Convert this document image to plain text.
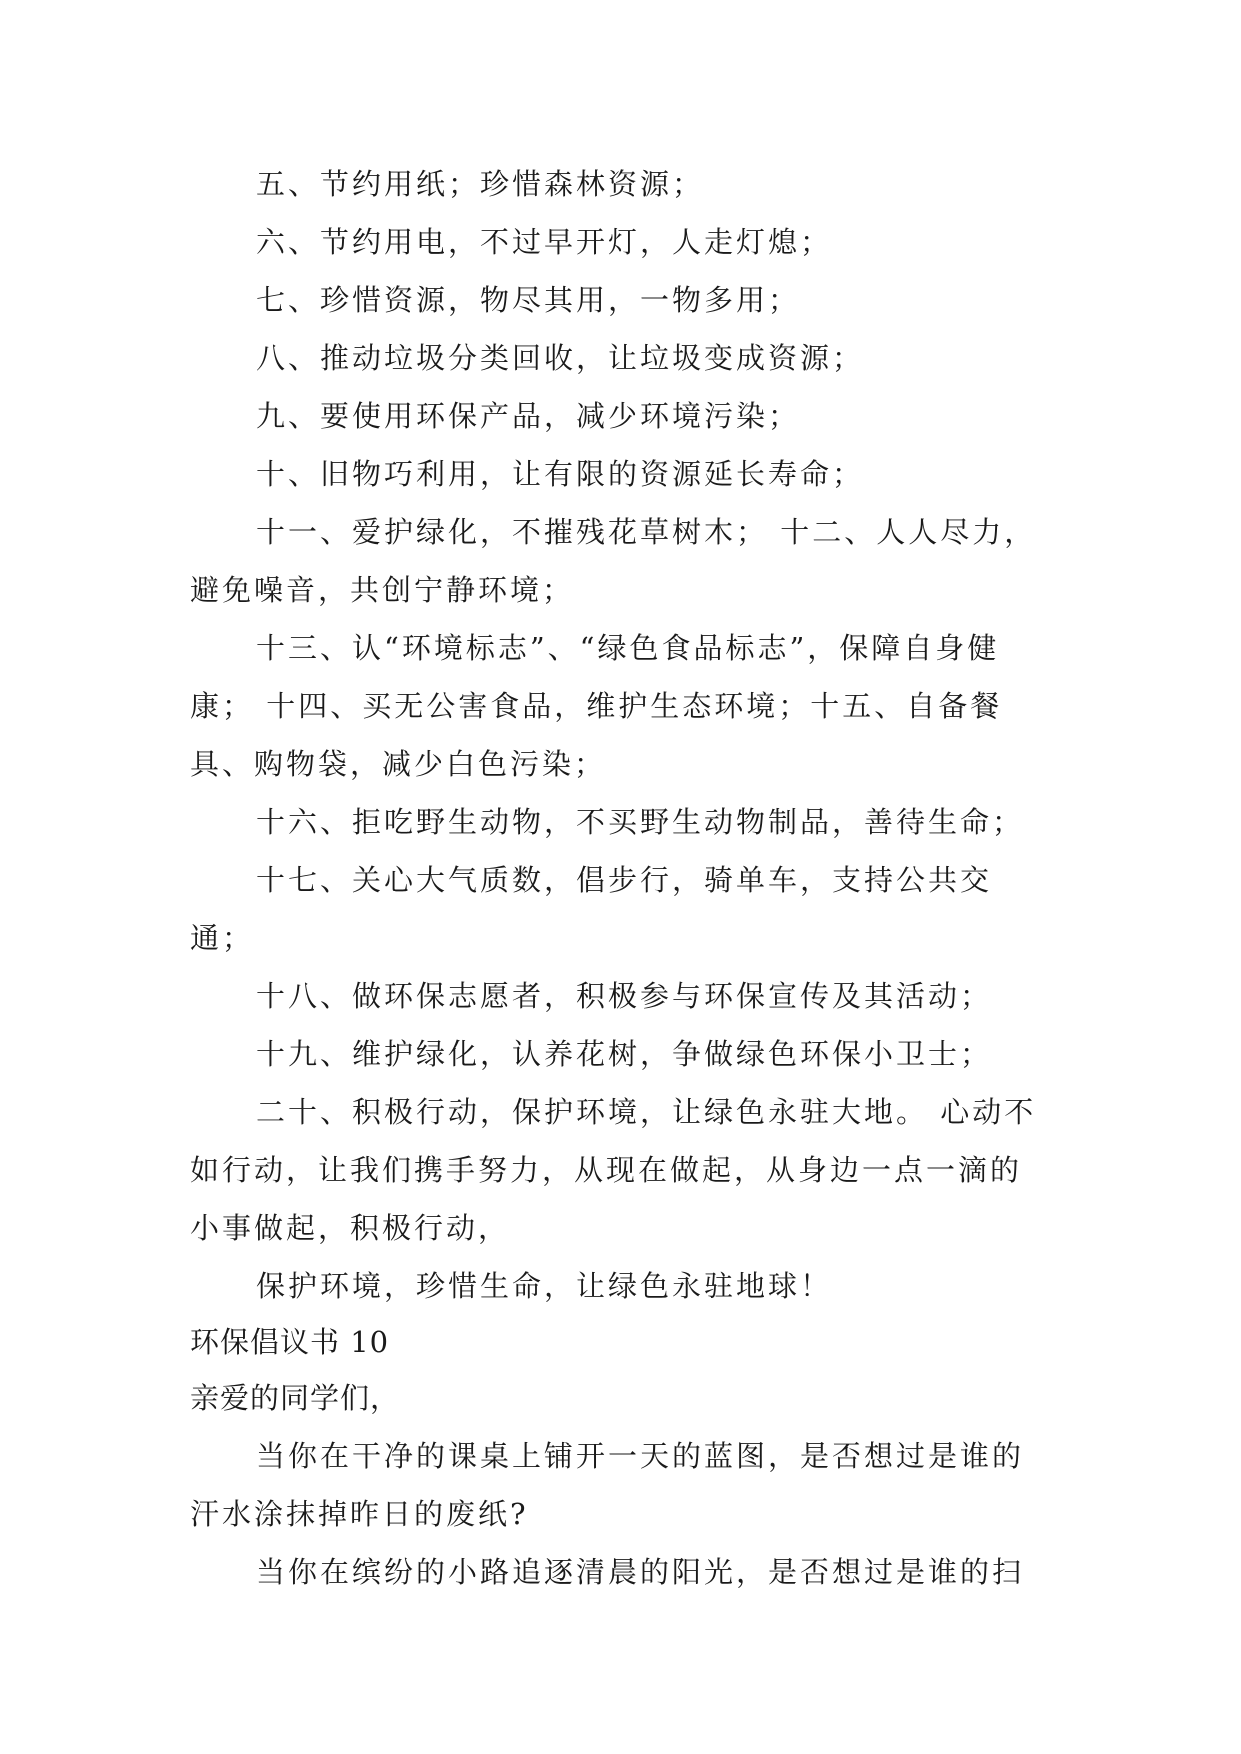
五、节约用纸；珍惜森林资源；

六、节约用电，不过早开灯，人走灯熄；

七、珍惜资源，物尽其用，一物多用；

八、推动垃圾分类回收，让垃圾变成资源；

九、要使用环保产品，减少环境污染；

十、旧物巧利用，让有限的资源延长寿命；

十一、爱护绿化，不摧残花草树木； 十二、人人尽力，避免噪音，共创宁静环境；

十三、认“环境标志”、“绿色食品标志”，保障自身健康； 十四、买无公害食品，维护生态环境；十五、自备餐具、购物袋，减少白色污染；

十六、拒吃野生动物，不买野生动物制品，善待生命；

十七、关心大气质数，倡步行，骑单车，支持公共交通；

十八、做环保志愿者，积极参与环保宣传及其活动；

十九、维护绿化，认养花树，争做绿色环保小卫士；

二十、积极行动，保护环境，让绿色永驻大地。 心动不如行动，让我们携手努力，从现在做起，从身边一点一滴的小事做起，积极行动，

保护环境，珍惜生命，让绿色永驻地球！

环保倡议书 10

亲爱的同学们，

当你在干净的课桌上铺开一天的蓝图，是否想过是谁的汗水涂抹掉昨日的废纸?

当你在缤纷的小路追逐清晨的阳光，是否想过是谁的扫
